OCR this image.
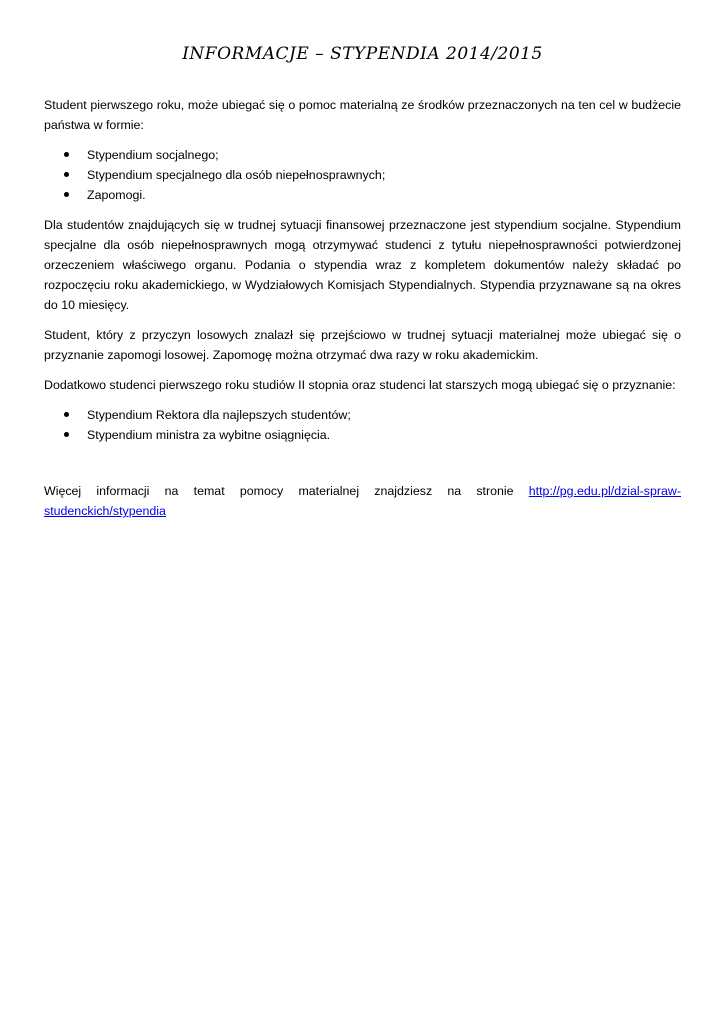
INFORMACJE – STYPENDIA 2014/2015

Student pierwszego roku, może ubiegać się o pomoc materialną ze środków przeznaczonych na ten cel w budżecie państwa w formie:

Stypendium socjalnego;
Stypendium specjalnego dla osób niepełnosprawnych;
Zapomogi.

Dla studentów znajdujących się w trudnej sytuacji finansowej przeznaczone jest stypendium socjalne. Stypendium specjalne dla osób niepełnosprawnych mogą otrzymywać studenci z tytułu niepełnosprawności potwierdzonej orzeczeniem właściwego organu. Podania o stypendia wraz z kompletem dokumentów należy składać po rozpoczęciu roku akademickiego, w Wydziałowych Komisjach Stypendialnych. Stypendia przyznawane są na okres do 10 miesięcy.

Student, który z przyczyn losowych znalazł się przejściowo w trudnej sytuacji materialnej może ubiegać się o przyznanie zapomogi losowej. Zapomogę można otrzymać dwa razy w roku akademickim.

Dodatkowo studenci pierwszego roku studiów II stopnia oraz studenci lat starszych mogą ubiegać się o przyznanie:

Stypendium Rektora dla najlepszych studentów;
Stypendium ministra za wybitne osiągnięcia.

Więcej informacji na temat pomocy materialnej znajdziesz na stronie http://pg.edu.pl/dzial-spraw-studenckich/stypendia
